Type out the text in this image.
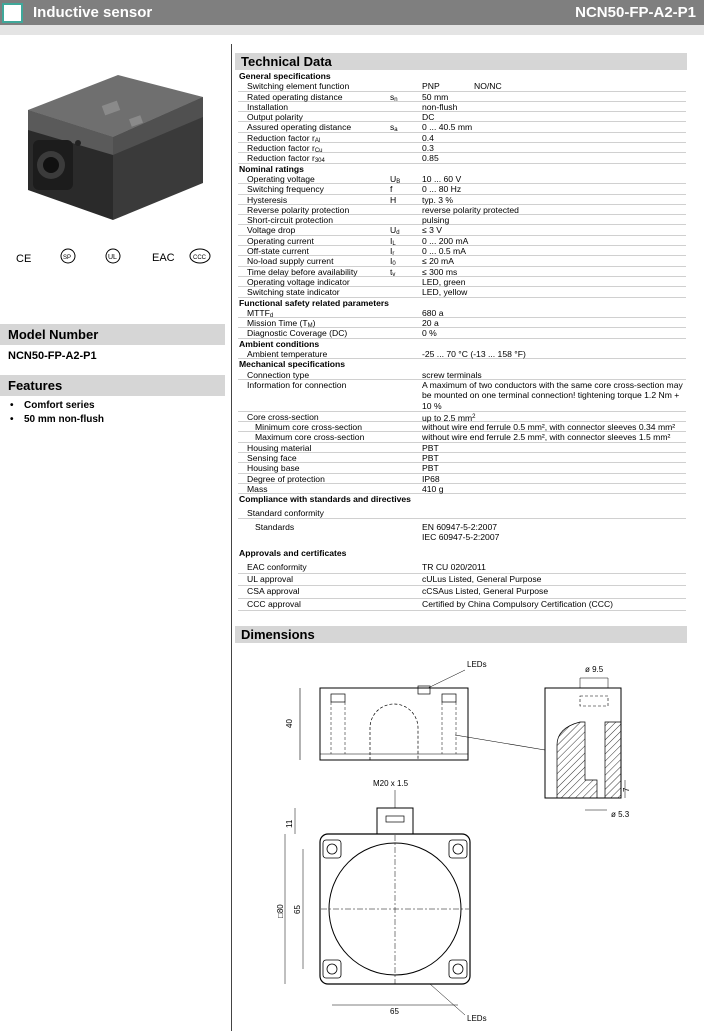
Inductive sensor	NCN50-FP-A2-P1
CE	SP	UL	EAC	CCC
Model Number
NCN50-FP-A2-P1
Features
• Comfort series
• 50 mm non-flush
Technical Data
General specifications
Switching element function	PNP	NO/NC
Rated operating distance	$s_n$	50 mm
Installation	non-flush
Output polarity	DC
Assured operating distance	$s_a$	0 ... 40.5 mm
Reduction factor $r_{Al}$	0.4
Reduction factor $r_{Cu}$	0.3
Reduction factor $r_{304}$	0.85
Nominal ratings
Operating voltage	$U_B$	10 ... 60 V
Switching frequency	f	0 ... 80 Hz
Hysteresis	H	typ. 3 %
Reverse polarity protection	reverse polarity protected
Short-circuit protection	pulsing
Voltage drop	$U_d$	≤ 3 V
Operating current	$I_L$	0 ... 200 mA
Off-state current	$I_r$	0 ... 0.5 mA
No-load supply current	$I_0$	≤ 20 mA
Time delay before availability	$t_v$	≤ 300 ms
Operating voltage indicator	LED, green
Switching state indicator	LED, yellow
Functional safety related parameters
$MTTF_d$	680 a
Mission Time $(T_M)$	20 a
Diagnostic Coverage (DC)	0 %
Ambient conditions
Ambient temperature	-25 ... 70 °C (-13 ... 158 °F)
Mechanical specifications
Connection type	screw terminals
Information for connection	A maximum of two conductors with the same core cross-section may be mounted on one terminal connection! tightening torque 1.2 Nm + 10 %
Core cross-section	up to 2.5 $mm^2$
Minimum core cross-section	without wire end ferrule 0.5 mm², with connector sleeves 0.34 mm²
Maximum core cross-section	without wire end ferrule 2.5 mm², with connector sleeves 1.5 mm²
Housing material	PBT
Sensing face	PBT
Housing base	PBT
Degree of protection	IP68
Mass	410 g
Compliance with standards and directives
Standard conformity
Standards	EN 60947-5-2:2007
IEC 60947-5-2:2007
Approvals and certificates
EAC conformity	TR CU 020/2011
UL approval	cULus Listed, General Purpose
CSA approval	cCSAus Listed, General Purpose
CCC approval	Certified by China Compulsory Certification (CCC)
Dimensions
40
LEDs
ø 9.5
7
ø 5.3
M20 x 1.5
11
□80 65
65
LEDs
